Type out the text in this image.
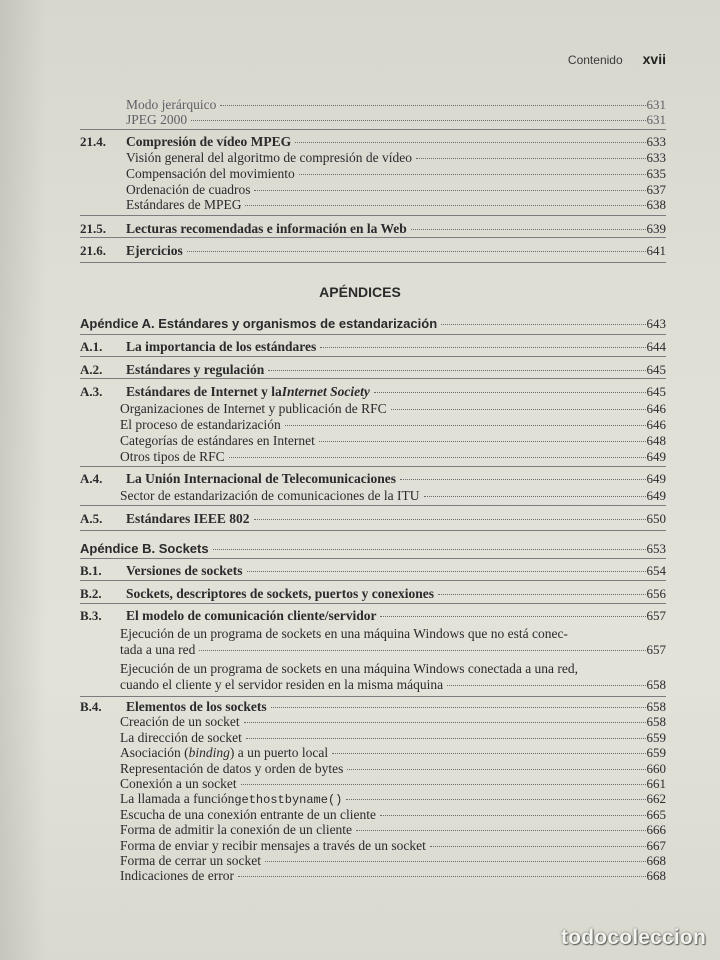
Contenido xvii
Modo jerárquico	631
JPEG 2000	631
21.4. Compresión de vídeo MPEG	633
Visión general del algoritmo de compresión de vídeo	633
Compensación del movimiento	635
Ordenación de cuadros	637
Estándares de MPEG	638
21.5. Lecturas recomendadas e información en la Web	639
21.6. Ejercicios	641
APÉNDICES
Apéndice A. Estándares y organismos de estandarización	643
A.1. La importancia de los estándares	644
A.2. Estándares y regulación	645
A.3. Estándares de Internet y la Internet Society	645
Organizaciones de Internet y publicación de RFC	646
El proceso de estandarización	646
Categorías de estándares en Internet	648
Otros tipos de RFC	649
A.4. La Unión Internacional de Telecomunicaciones	649
Sector de estandarización de comunicaciones de la ITU	649
A.5. Estándares IEEE 802	650
Apéndice B. Sockets	653
B.1. Versiones de sockets	654
B.2. Sockets, descriptores de sockets, puertos y conexiones	656
B.3. El modelo de comunicación cliente/servidor	657
Ejecución de un programa de sockets en una máquina Windows que no está conec-
tada a una red	657
Ejecución de un programa de sockets en una máquina Windows conectada a una red,
cuando el cliente y el servidor residen en la misma máquina	658
B.4. Elementos de los sockets	658
Creación de un socket	658
La dirección de socket	659
Asociación ( binding ) a un puerto local	659
Representación de datos y orden de bytes	660
Conexión a un socket	661
La llamada a función gethostbyname()	662
Escucha de una conexión entrante de un cliente	665
Forma de admitir la conexión de un cliente	666
Forma de enviar y recibir mensajes a través de un socket	667
Forma de cerrar un socket	668
Indicaciones de error	668
todocoleccion
